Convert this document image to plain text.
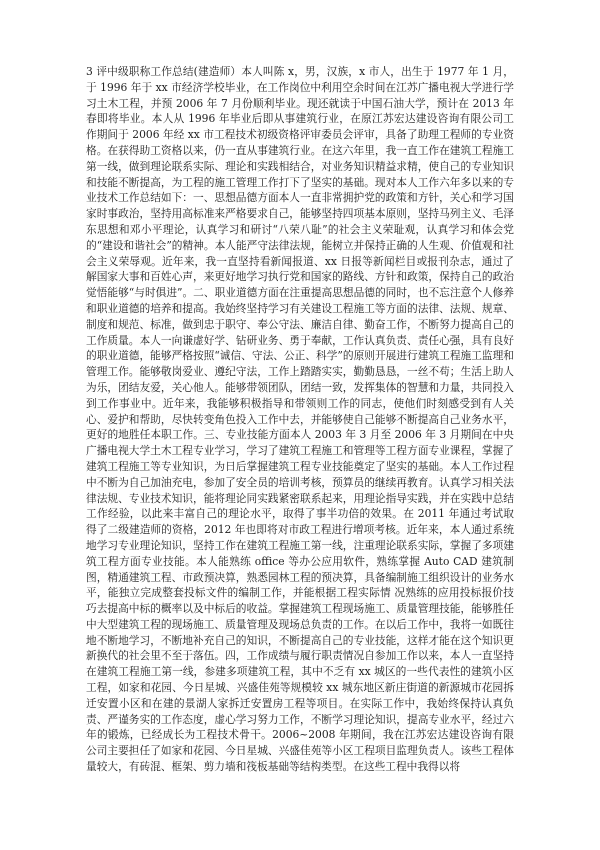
3 评中级职称工作总结(建造师）本人叫陈 x，男，汉族，x 市人，出生于 1977 年 1 月，于 1996 年于 xx 市经济学校毕业，在工作岗位中利用空余时间在江苏广播电视大学进行学习土木工程，并预 2006 年 7 月份顺利毕业。现还就读于中国石油大学，预计在 2013 年春即将毕业。本人从 1996 年毕业后即从事建筑行业，在原江苏宏达建设咨询有限公司工作期间于 2006 年经 xx 市工程技术初级资格评审委员会评审，具备了助理工程师的专业资格。在获得助工资格以来，仍一直从事建筑行业。在这六年里，我一直工作在建筑工程施工第一线，做到理论联系实际、理论和实践相结合，对业务知识精益求精，使自己的专业知识和技能不断提高，为工程的施工管理工作打下了坚实的基础。现对本人工作六年多以来的专业技术工作总结如下：一、思想品德方面本人一直非常拥护党的政策和方针，关心和学习国家时事政治，坚持用高标准来严格要求自己，能够坚持四项基本原则，坚持马列主义、毛泽东思想和邓小平理论，认真学习和研讨“八荣八耻”的社会主义荣耻观，认真学习和体会党的“建设和谐社会”的精神。本人能严守法律法规，能树立并保持正确的人生观、价值观和社会主义荣辱观。近年来，我一直坚持看新闻报道、xx 日报等新闻栏目或报刊杂志，通过了解国家大事和百姓心声，来更好地学习执行党和国家的路线、方针和政策，保持自己的政治觉悟能够“与时俱进”。二、职业道德方面在注重提高思想品德的同时，也不忘注意个人修养和职业道德的培养和提高。我始终坚持学习有关建设工程施工等方面的法律、法规、规章、制度和规范、标准，做到忠于职守、奉公守法、廉洁自律、勤奋工作，不断努力提高自己的工作质量。本人一向谦虚好学、钻研业务、勇于奉献，工作认真负责、责任心强，具有良好的职业道德，能够严格按照“诚信、守法、公正、科学”的原则开展进行建筑工程施工监理和管理工作。能够敬岗爱业、遵纪守法，工作上踏踏实实，勤勤恳恳，一丝不苟；生活上助人为乐，团结友爱，关心他人。能够带领团队，团结一致，发挥集体的智慧和力量，共同投入到工作事业中。近年来，我能够积极指导和带领则工作的同志，使他们时刻感受到有人关心、爱护和帮助，尽快转变角色投入工作中去，并能够使自己能够不断提高自己业务水平，更好的地胜任本职工作。三、专业技能方面本人 2003 年 3 月至 2006 年 3 月期间在中央广播电视大学土木工程专业学习，学习了建筑工程施工和管理等工程方面专业课程，掌握了建筑工程施工等专业知识，为日后掌握建筑工程专业技能奠定了坚实的基础。本人工作过程中不断为自己加油充电，参加了安全员的培训考核，预算员的继续再教育。认真学习相关法律法规、专业技术知识，能将理论同实践紧密联系起来，用理论指导实践，并在实践中总结工作经验，以此来丰富自己的理论水平，取得了事半功倍的效果。在 2011 年通过考试取得了二级建造师的资格，2012 年也即将对市政工程进行增项考核。近年来，本人通过系统地学习专业理论知识，坚持工作在建筑工程施工第一线，注重理论联系实际，掌握了多项建筑工程方面专业技能。本人能熟练 office 等办公应用软件，熟练掌握 Auto CAD 建筑制图，精通建筑工程、市政预决算，熟悉园林工程的预决算，具备编制施工组织设计的业务水平，能独立完成整套投标文件的编制工作，并能根据工程实际情 况熟练的应用投标报价技巧去提高中标的概率以及中标后的收益。掌握建筑工程现场施工、质量管理技能，能够胜任中大型建筑工程的现场施工、质量管理及现场总负责的工作。在以后工作中，我将一如既往地不断地学习，不断地补充自己的知识，不断提高自己的专业技能，这样才能在这个知识更新换代的社会里不至于落伍。四，工作成绩与履行职责情况自参加工作以来，本人一直坚持在建筑工程施工第一线，参建多项建筑工程，其中不乏有 xx 城区的一些代表性的建筑小区工程，如家和花园、今日星城、兴盛佳苑等规模较 xx 城东地区新庄街道的新源城市花园拆迁安置小区和在建的景湖人家拆迁安置房工程等项目。在实际工作中，我始终保持认真负责、严谨务实的工作态度，虚心学习努力工作，不断学习理论知识，提高专业水平，经过六年的锻炼，已经成长为工程技术骨干。2006~2008 年期间，我在江苏宏达建设咨询有限公司主要担任了如家和花园、今日星城、兴盛佳苑等小区工程项目监理负责人。该些工程体量较大，有砖混、框架、剪力墙和筏板基础等结构类型。在这些工程中我得以将
